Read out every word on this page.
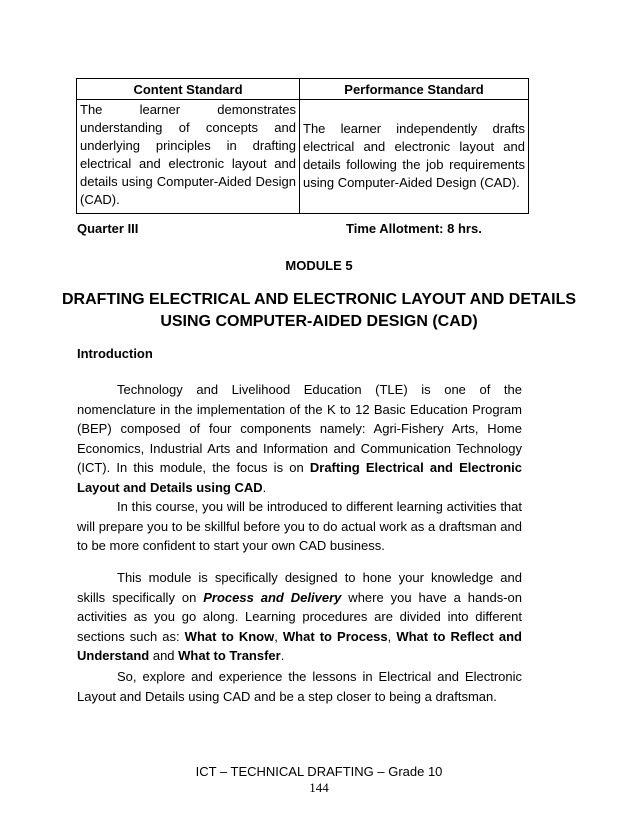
Content Standard	Performance Standard
The learner demonstrates understanding of concepts and underlying principles in drafting electrical and electronic layout and details using Computer-Aided Design (CAD).	The learner independently drafts electrical and electronic layout and details following the job requirements using Computer-Aided Design (CAD).
Quarter III	Time Allotment: 8 hrs.
MODULE 5
DRAFTING ELECTRICAL AND ELECTRONIC LAYOUT AND DETAILS USING COMPUTER-AIDED DESIGN (CAD)
Introduction

Technology and Livelihood Education (TLE) is one of the nomenclature in the implementation of the K to 12 Basic Education Program (BEP) composed of four components namely: Agri-Fishery Arts, Home Economics, Industrial Arts and Information and Communication Technology (ICT). In this module, the focus is on Drafting Electrical and Electronic Layout and Details using CAD.

In this course, you will be introduced to different learning activities that will prepare you to be skillful before you to do actual work as a draftsman and to be more confident to start your own CAD business.

This module is specifically designed to hone your knowledge and skills specifically on Process and Delivery where you have a hands-on activities as you go along. Learning procedures are divided into different sections such as: What to Know, What to Process, What to Reflect and Understand and What to Transfer.

So, explore and experience the lessons in Electrical and Electronic Layout and Details using CAD and be a step closer to being a draftsman.

ICT – TECHNICAL DRAFTING – Grade 10
144
